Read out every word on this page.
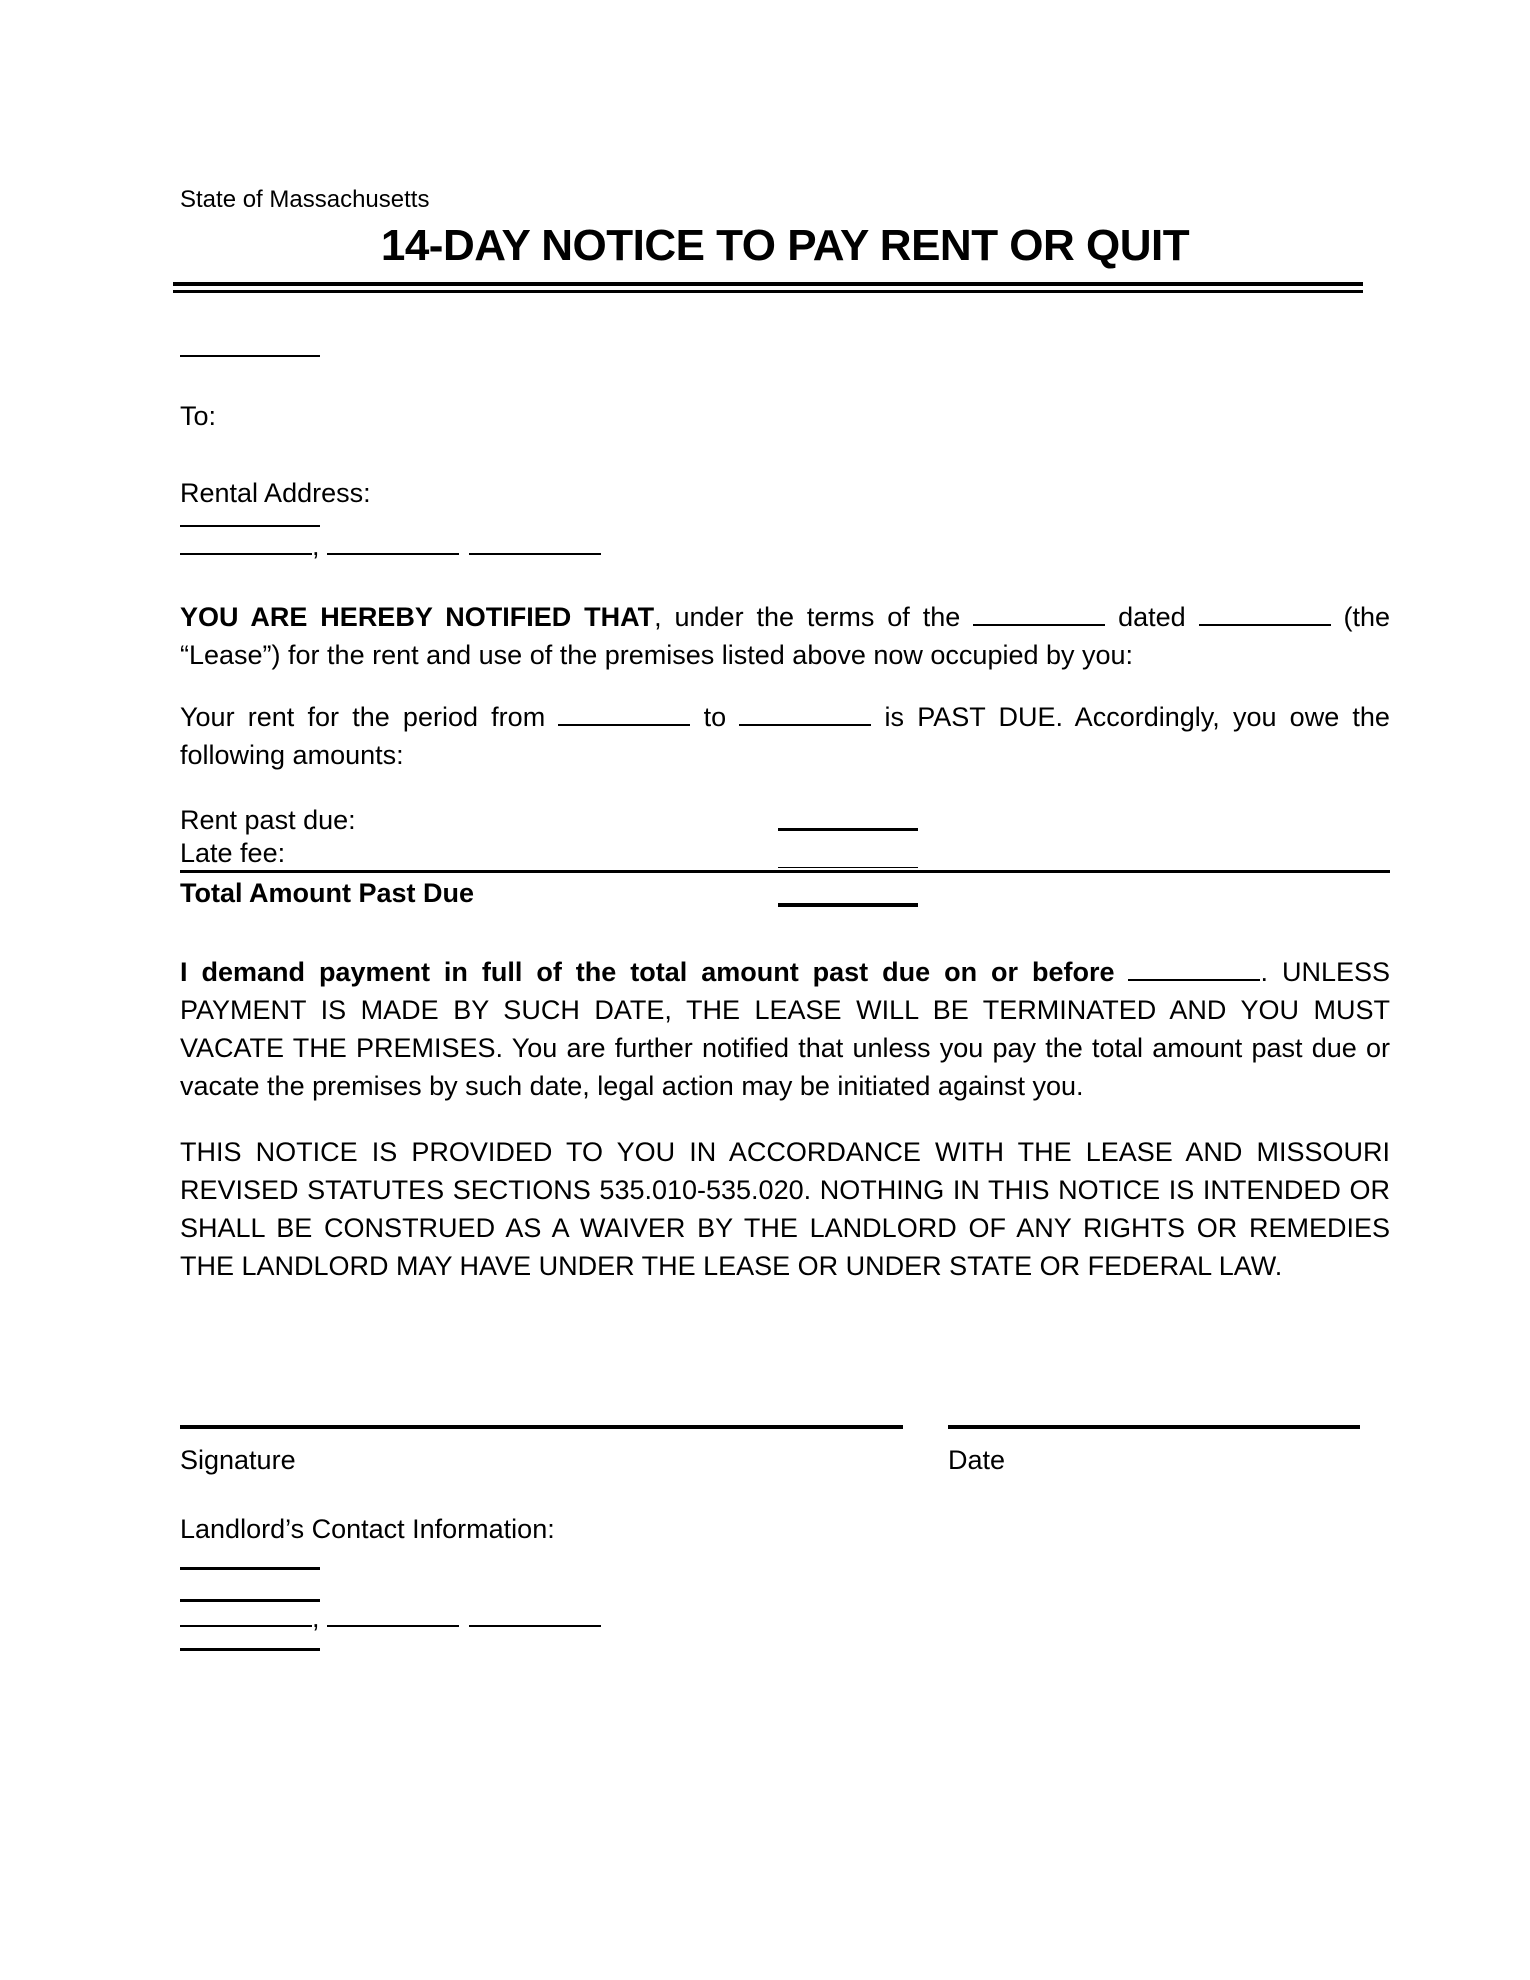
State of Massachusetts
14-DAY NOTICE TO PAY RENT OR QUIT
To:
Rental Address:
,
YOU ARE HEREBY NOTIFIED THAT, under the terms of the	dated	(the “Lease”) for the rent and use of the premises listed above now occupied by you:
Your rent for the period from	to	is PAST DUE. Accordingly, you owe the following amounts:
Rent past due:
Late fee:
Total Amount Past Due
I demand payment in full of the total amount past due on or before	. UNLESS PAYMENT IS MADE BY SUCH DATE, THE LEASE WILL BE TERMINATED AND YOU MUST VACATE THE PREMISES. You are further notified that unless you pay the total amount past due or vacate the premises by such date, legal action may be initiated against you.
THIS NOTICE IS PROVIDED TO YOU IN ACCORDANCE WITH THE LEASE AND MISSOURI REVISED STATUTES SECTIONS 535.010-535.020. NOTHING IN THIS NOTICE IS INTENDED OR SHALL BE CONSTRUED AS A WAIVER BY THE LANDLORD OF ANY RIGHTS OR REMEDIES THE LANDLORD MAY HAVE UNDER THE LEASE OR UNDER STATE OR FEDERAL LAW.
Signature	Date
Landlord’s Contact Information:
,
